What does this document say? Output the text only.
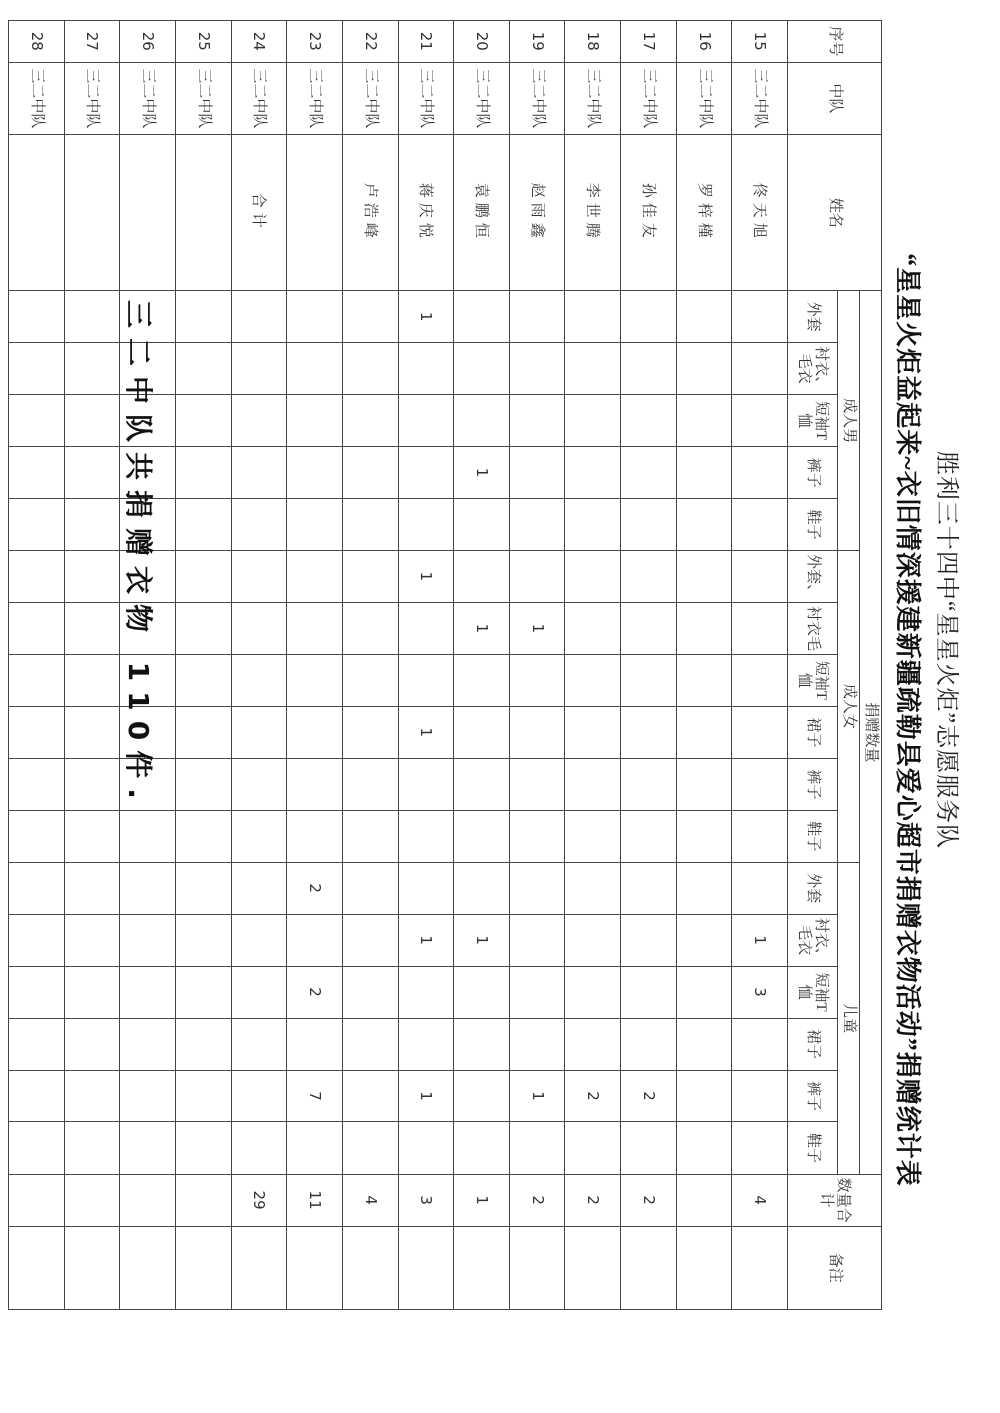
胜利三十四中“星星火炬”志愿服务队
“星星火炬益起来~衣旧情深援建新疆疏勒县爱心超市捐赠衣物活动”捐赠统计表
序号	中队	姓名	捐赠数量																	数量合计	备注
			成人男					成人女						儿童							
			外套	衬衣、毛衣	短袖T恤	裤子	鞋子	外套、	衬衣毛	短袖T恤	裙子	裤子	鞋子	外套	衬衣、毛衣	短袖T恤	裙子	裤子	鞋子		
15	三二中队	佟天旭													1	3				4	
16	三二中队	罗梓槿																			
17	三二中队	孙佳友																2		2	
18	三二中队	李世腾																2		2	
19	三二中队	赵雨鑫							1									1		2	
20	三二中队	袁鹏恒				1			1						1					1	
21	三二中队	蒋庆悦	1					1			1				1			1		3	
22	三二中队	卢浩峰																		4	
23	三二中队													2		2		7		11	
24	三二中队	合计																		29	
25	三二中队																				
26	三二中队																				
27	三二中队																				
28	三二中队																				
三二中队共捐赠衣物 110件.
